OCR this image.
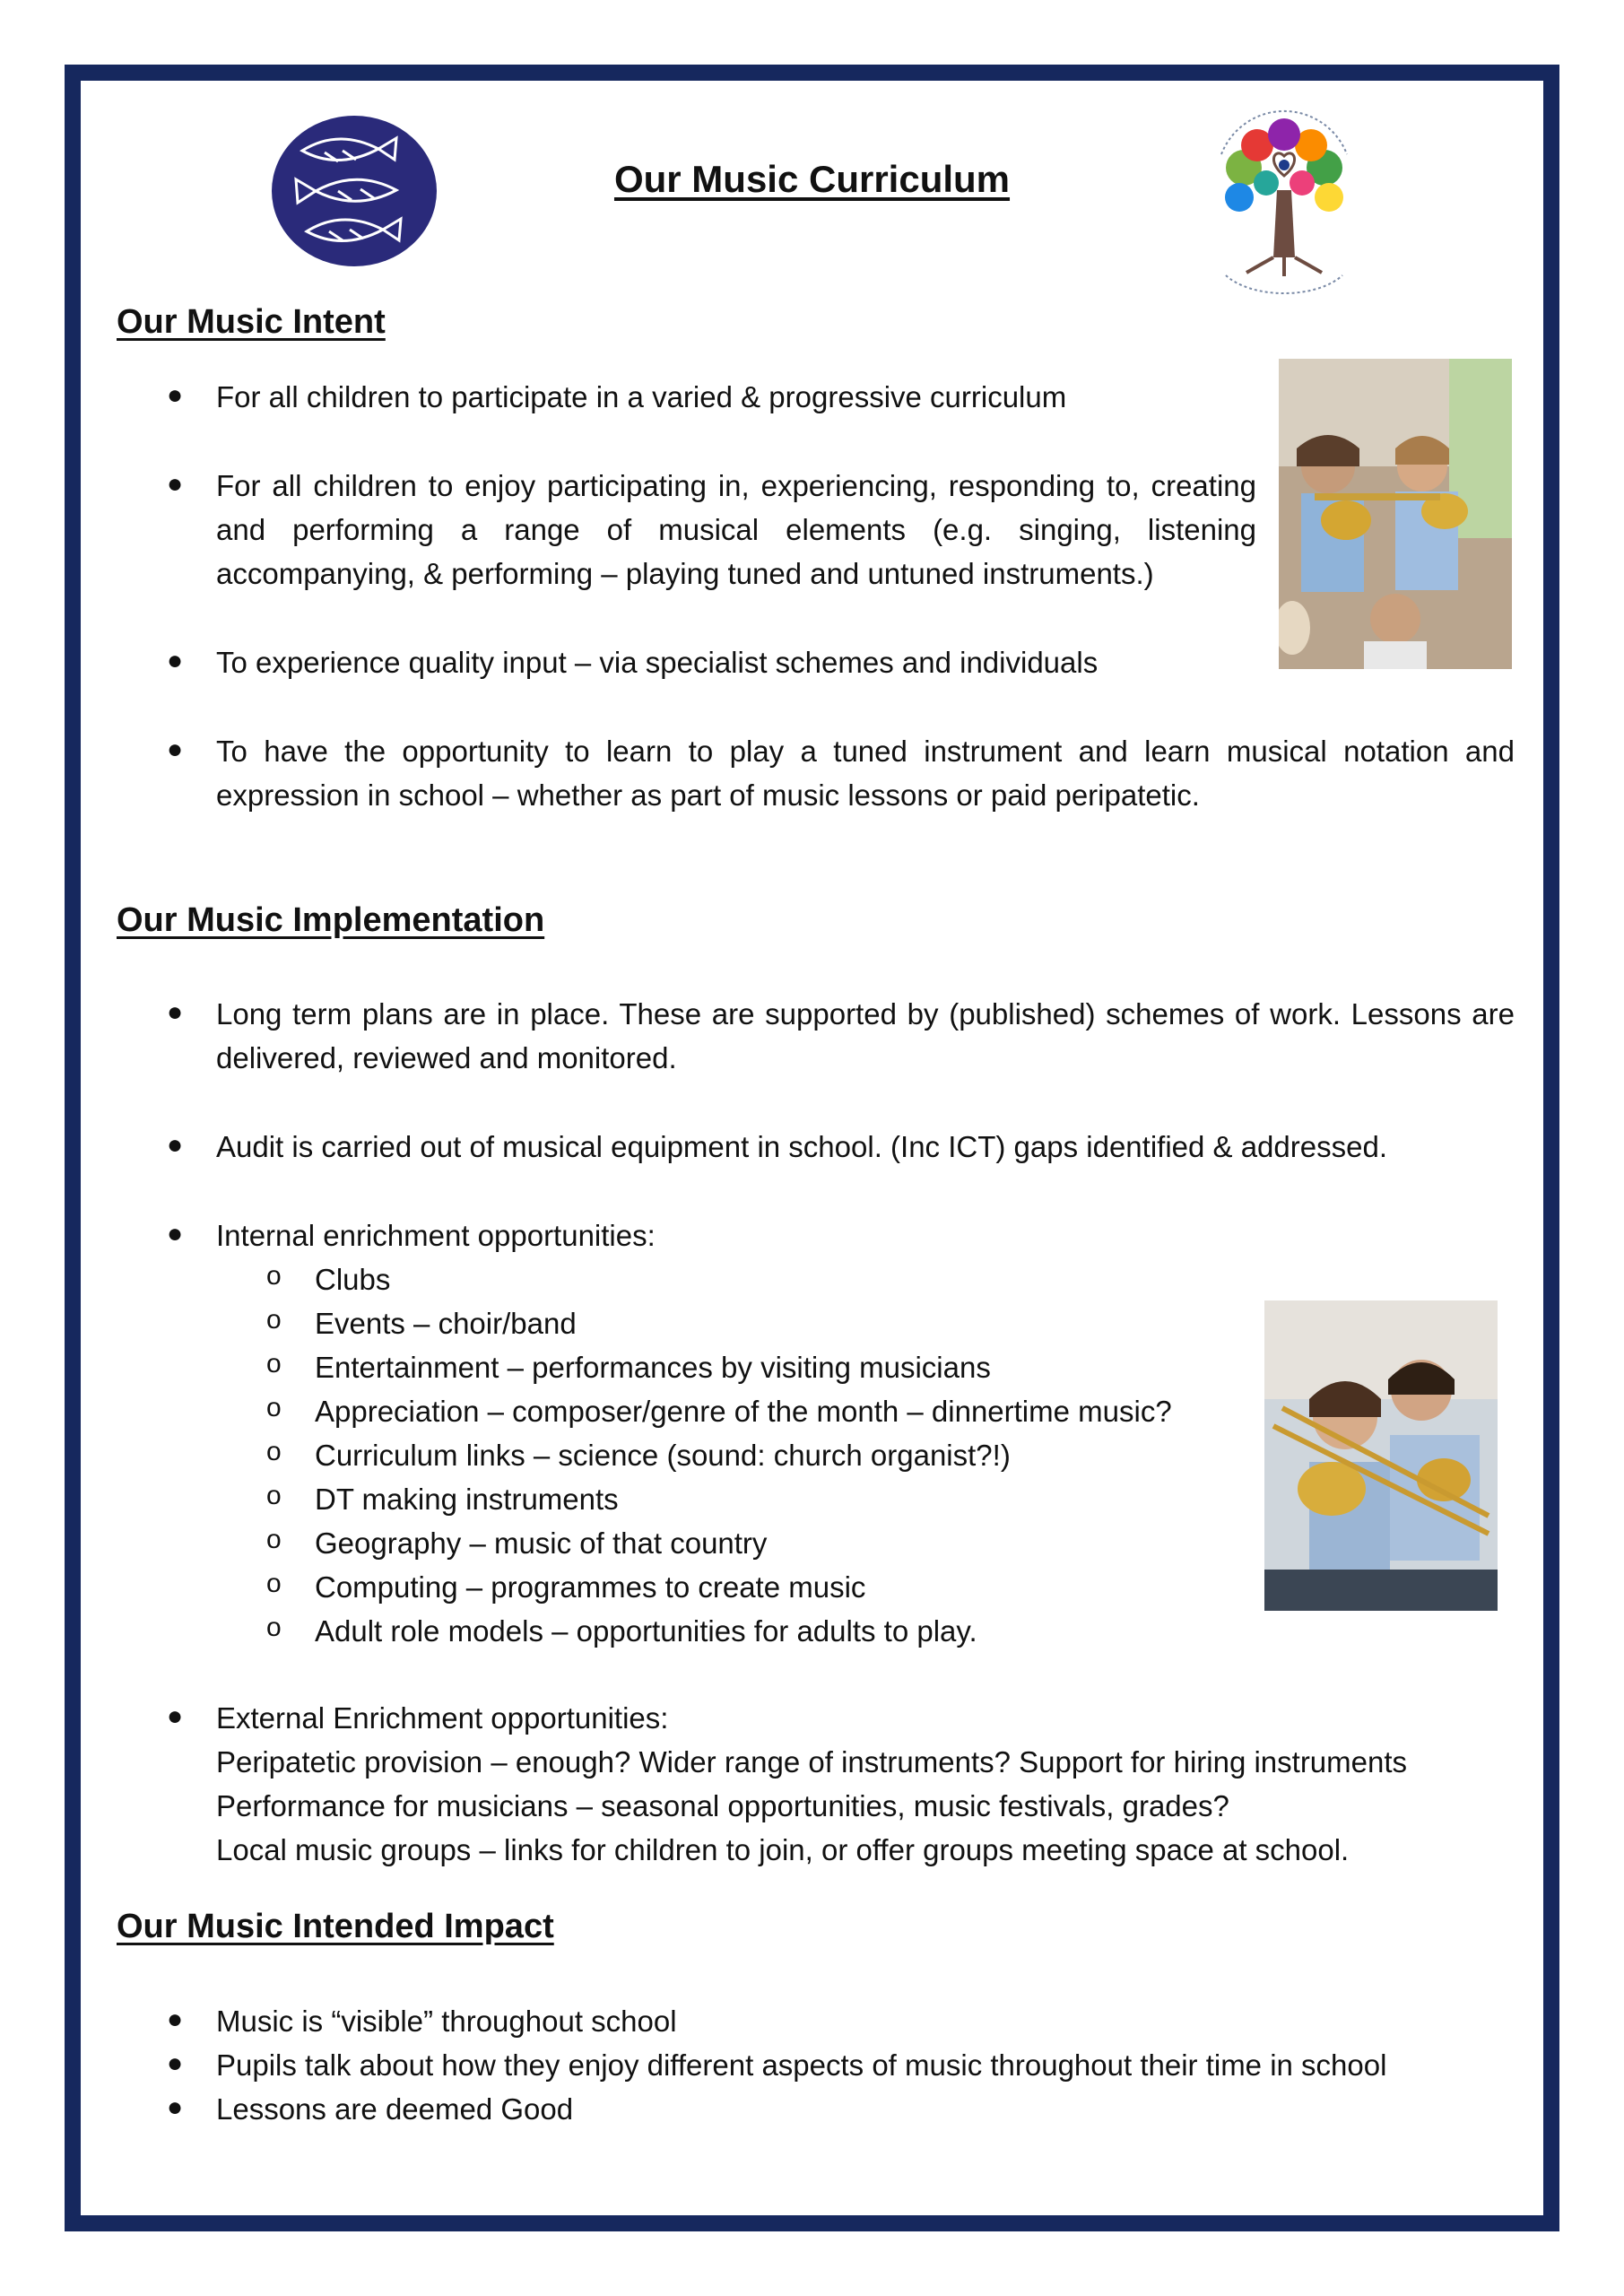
Our Music Curriculum
Our Music Intent
● For all children to participate in a varied & progressive curriculum
● For all children to enjoy participating in, experiencing, responding to, creating and performing a range of musical elements (e.g. singing, listening accompanying, & performing – playing tuned and untuned instruments.)
● To experience quality input – via specialist schemes and individuals
● To have the opportunity to learn to play a tuned instrument and learn musical notation and expression in school – whether as part of music lessons or paid peripatetic.
Our Music Implementation
● Long term plans are in place. These are supported by (published) schemes of work. Lessons are delivered, reviewed and monitored.
● Audit is carried out of musical equipment in school. (Inc ICT) gaps identified & addressed.
● Internal enrichment opportunities:
o Clubs
o Events – choir/band
o Entertainment – performances by visiting musicians
o Appreciation – composer/genre of the month – dinnertime music?
o Curriculum links – science (sound: church organist?!)
o DT making instruments
o Geography – music of that country
o Computing – programmes to create music
o Adult role models – opportunities for adults to play.
● External Enrichment opportunities:
Peripatetic provision – enough? Wider range of instruments? Support for hiring instruments
Performance for musicians – seasonal opportunities, music festivals, grades?
Local music groups – links for children to join, or offer groups meeting space at school.
Our Music Intended Impact
● Music is “visible” throughout school
● Pupils talk about how they enjoy different aspects of music throughout their time in school
● Lessons are deemed Good
